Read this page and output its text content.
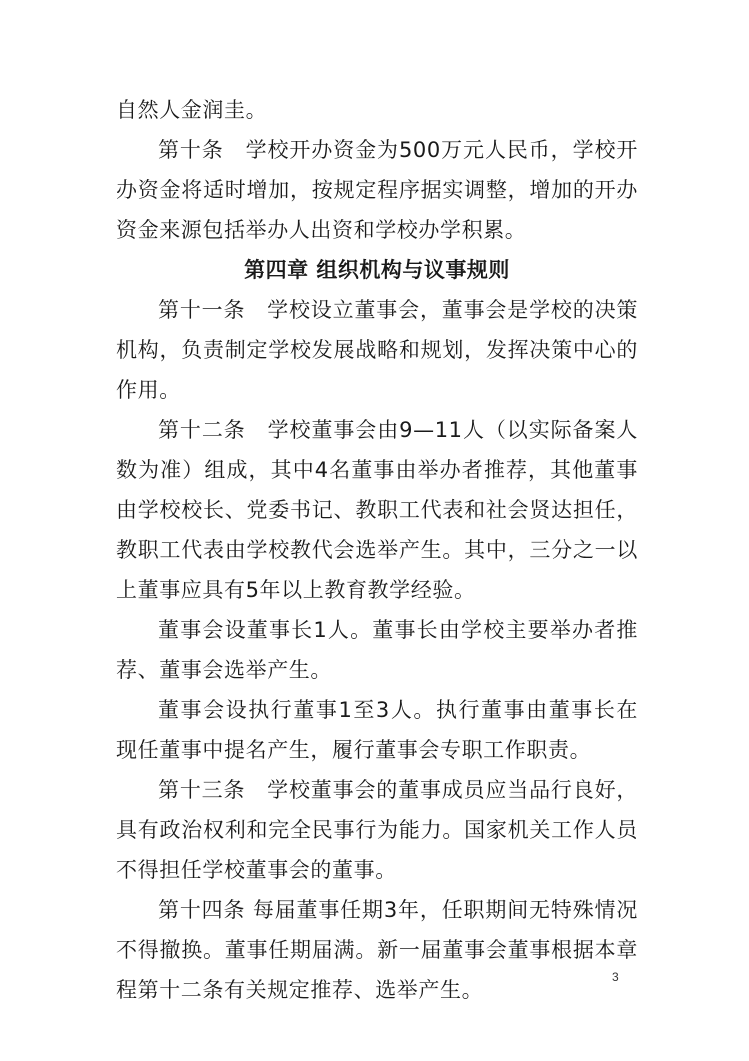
自然人金润圭。

第十条　学校开办资金为500万元人民币，学校开办资金将适时增加，按规定程序据实调整，增加的开办资金来源包括举办人出资和学校办学积累。

第四章 组织机构与议事规则

第十一条　学校设立董事会，董事会是学校的决策机构，负责制定学校发展战略和规划，发挥决策中心的作用。

第十二条　学校董事会由9—11人（以实际备案人数为准）组成，其中4名董事由举办者推荐，其他董事由学校校长、党委书记、教职工代表和社会贤达担任，教职工代表由学校教代会选举产生。其中，三分之一以上董事应具有5年以上教育教学经验。

董事会设董事长1人。董事长由学校主要举办者推荐、董事会选举产生。

董事会设执行董事1至3人。执行董事由董事长在现任董事中提名产生，履行董事会专职工作职责。

第十三条　学校董事会的董事成员应当品行良好，具有政治权利和完全民事行为能力。国家机关工作人员不得担任学校董事会的董事。

第十四条 每届董事任期3年，任职期间无特殊情况不得撤换。董事任期届满。新一届董事会董事根据本章程第十二条有关规定推荐、选举产生。

3
